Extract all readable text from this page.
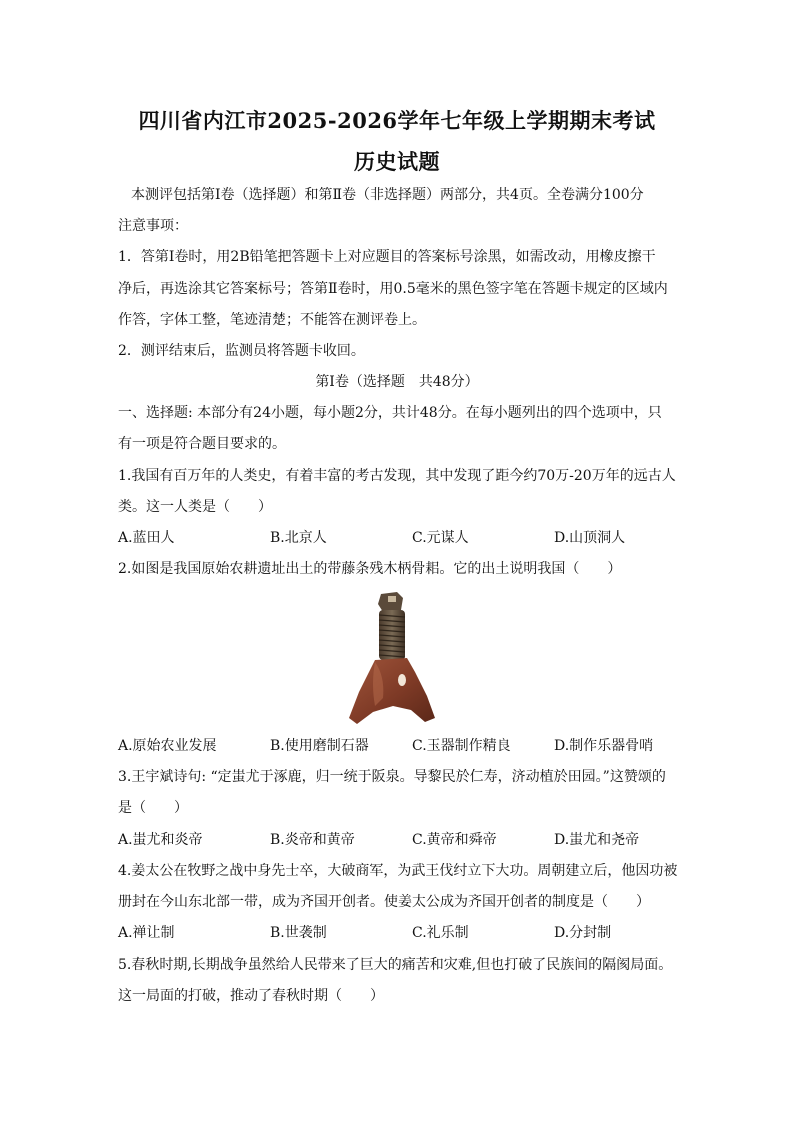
四川省内江市2025-2026学年七年级上学期期末考试
历史试题
本测评包括第Ⅰ卷（选择题）和第Ⅱ卷（非选择题）两部分，共4页。全卷满分100分
注意事项：
1．答第Ⅰ卷时，用2B铅笔把答题卡上对应题目的答案标号涂黑，如需改动，用橡皮擦干
净后，再选涂其它答案标号；答第Ⅱ卷时，用0.5毫米的黑色签字笔在答题卡规定的区域内
作答，字体工整，笔迹清楚；不能答在测评卷上。
2．测评结束后，监测员将答题卡收回。
第Ⅰ卷（选择题　共48分）
一、选择题: 本部分有24小题，每小题2分，共计48分。在每小题列出的四个选项中，只
有一项是符合题目要求的。
1.我国有百万年的人类史，有着丰富的考古发现，其中发现了距今约70万-20万年的远古人
类。这一人类是（　　）
A.蓝田人	B.北京人	C.元谋人	D.山顶洞人
2.如图是我国原始农耕遗址出土的带藤条残木柄骨耜。它的出土说明我国（　　）
A.原始农业发展	B.使用磨制石器	C.玉器制作精良	D.制作乐器骨哨
3.王宇斌诗句: “定蚩尤于涿鹿，归一统于阪泉。导黎民於仁寿，济动植於田园。”这赞颂的
是（　　）
A.蚩尤和炎帝	B.炎帝和黄帝	C.黄帝和舜帝	D.蚩尤和尧帝
4.姜太公在牧野之战中身先士卒，大破商军，为武王伐纣立下大功。周朝建立后，他因功被
册封在今山东北部一带，成为齐国开创者。使姜太公成为齐国开创者的制度是（　　）
A.禅让制	B.世袭制	C.礼乐制	D.分封制
5.春秋时期,长期战争虽然给人民带来了巨大的痛苦和灾难,但也打破了民族间的隔阂局面。
这一局面的打破，推动了春秋时期（　　）
